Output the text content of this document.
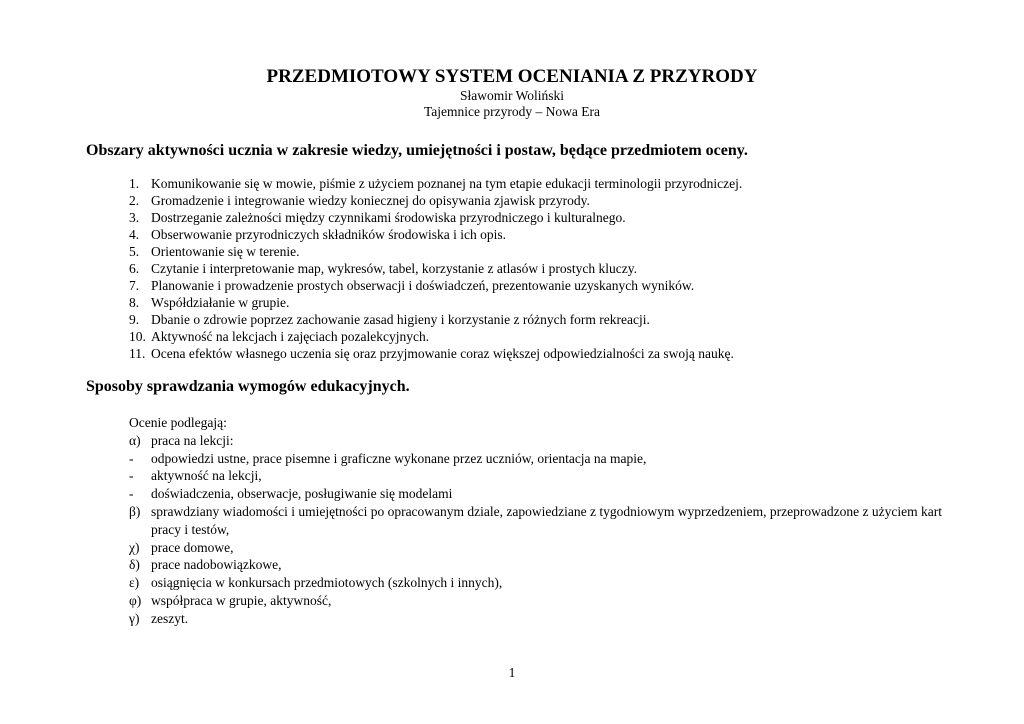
PRZEDMIOTOWY SYSTEM OCENIANIA Z PRZYRODY
Sławomir Woliński
Tajemnice przyrody – Nowa Era
Obszary aktywności ucznia w zakresie wiedzy, umiejętności i postaw, będące przedmiotem oceny.
1. Komunikowanie się w mowie, piśmie z użyciem poznanej na tym etapie edukacji terminologii przyrodniczej.
2. Gromadzenie i integrowanie wiedzy koniecznej do opisywania zjawisk przyrody.
3. Dostrzeganie zależności między czynnikami środowiska przyrodniczego i kulturalnego.
4. Obserwowanie przyrodniczych składników środowiska i ich opis.
5. Orientowanie się w terenie.
6. Czytanie i interpretowanie map, wykresów, tabel, korzystanie z atlasów i prostych kluczy.
7. Planowanie i prowadzenie prostych obserwacji i doświadczeń, prezentowanie uzyskanych wyników.
8. Współdziałanie w grupie.
9. Dbanie o zdrowie poprzez zachowanie zasad higieny i korzystanie z różnych form rekreacji.
10. Aktywność na lekcjach i zajęciach pozalekcyjnych.
11. Ocena efektów własnego uczenia się oraz przyjmowanie coraz większej odpowiedzialności za swoją naukę.
Sposoby sprawdzania wymogów edukacyjnych.
Ocenie podlegają:
α) praca na lekcji:
-	odpowiedzi ustne, prace pisemne i graficzne wykonane przez uczniów, orientacja na mapie,
-	aktywność na lekcji,
-	doświadczenia, obserwacje, posługiwanie się modelami
β) sprawdziany wiadomości i umiejętności po opracowanym dziale, zapowiedziane z tygodniowym wyprzedzeniem, przeprowadzone z użyciem kart pracy i testów,
χ) prace domowe,
δ) prace nadobowiązkowe,
ε) osiągnięcia w konkursach przedmiotowych (szkolnych i innych),
φ) współpraca w grupie, aktywność,
γ) zeszyt.
1
